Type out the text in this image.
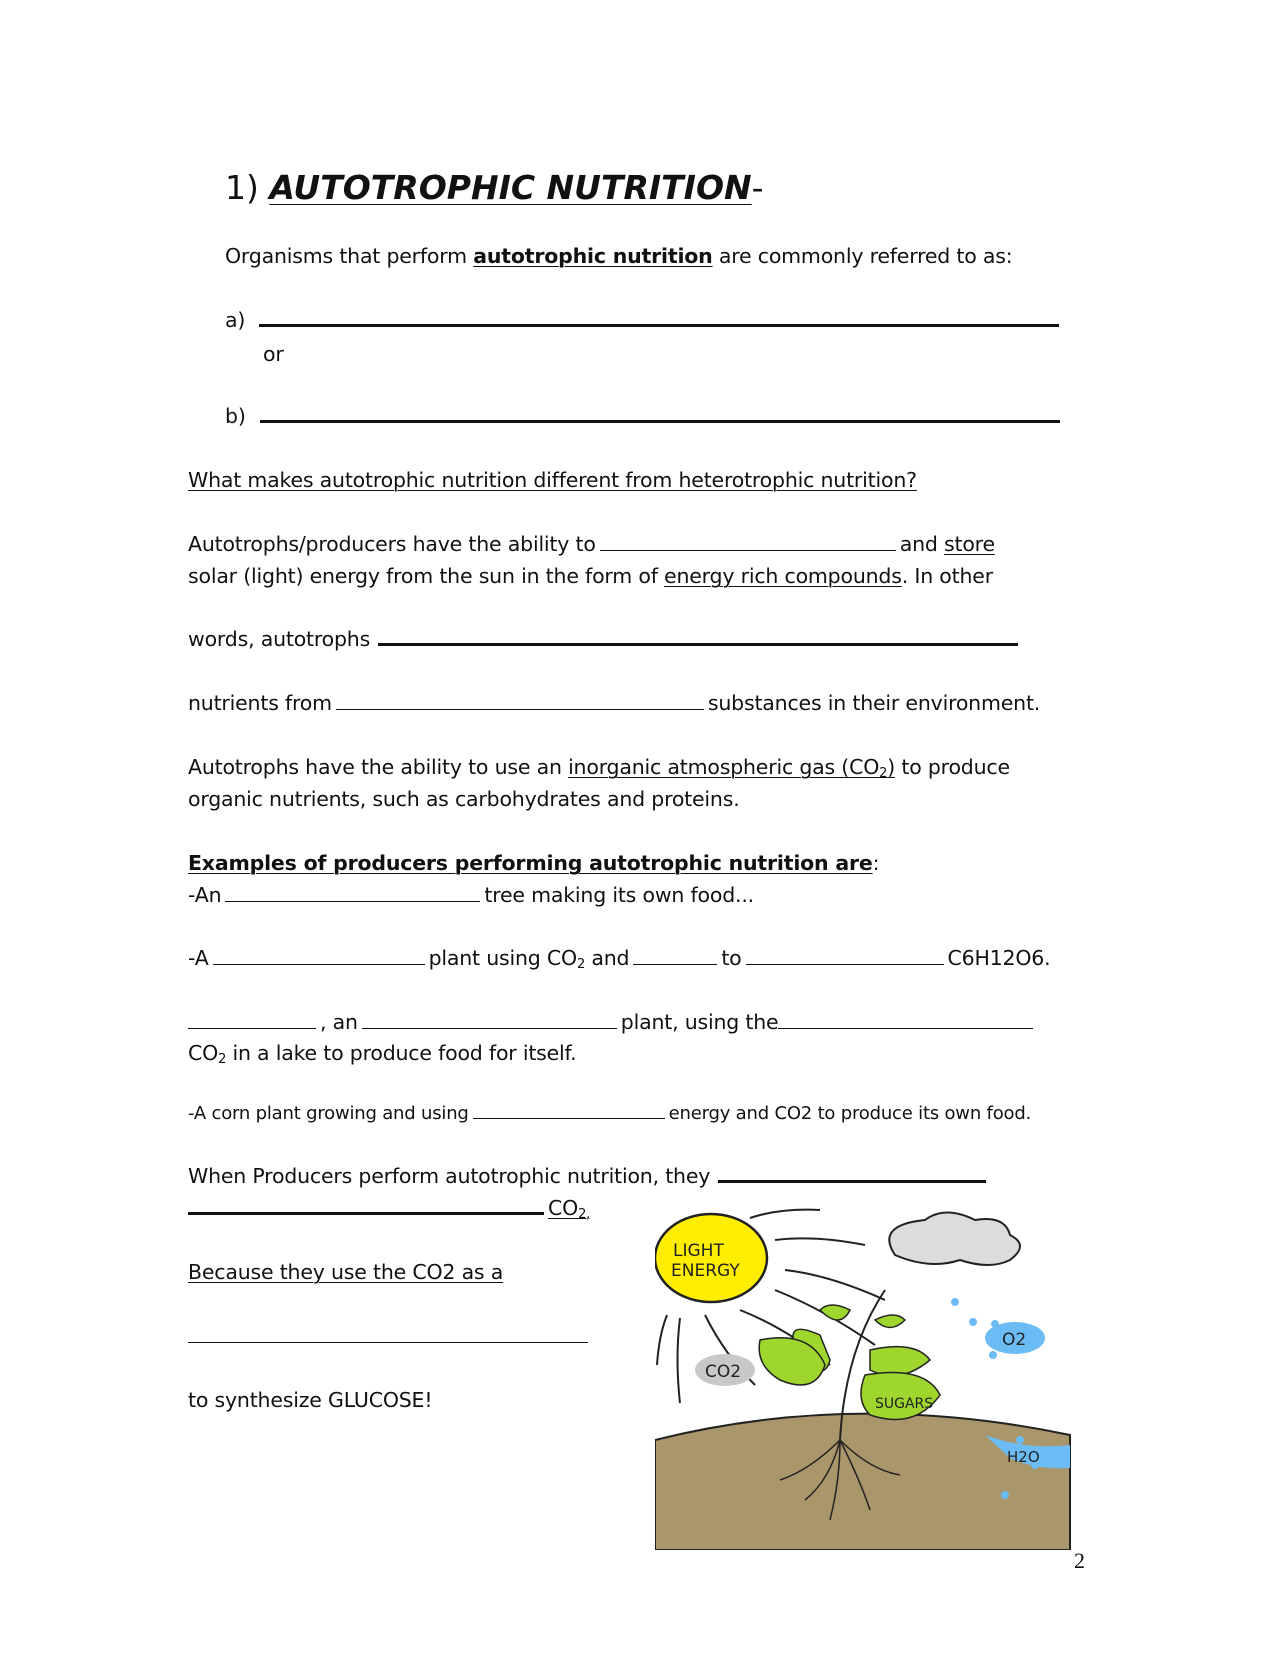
1) AUTOTROPHIC NUTRITION-
Organisms that perform autotrophic nutrition are commonly referred to as:
a)
or
b)
What makes autotrophic nutrition different from heterotrophic nutrition?
Autotrophs/producers have the ability to	and store
solar (light) energy from the sun in the form of energy rich compounds. In other
words, autotrophs
nutrients from	substances in their environment.
Autotrophs have the ability to use an inorganic atmospheric gas $(CO_2)$ to produce
organic nutrients, such as carbohydrates and proteins.
Examples of producers performing autotrophic nutrition are:
-An	tree making its own food...
-A	plant using $CO_2$ and	to	C6H12O6.
, an	plant, using the
$CO_2$ in a lake to produce food for itself.
-A corn plant growing and using	energy and CO2 to produce its own food.
When Producers perform autotrophic nutrition, they
$CO_{2,}$
Because they use the CO2 as a
to synthesize GLUCOSE!
LIGHT
ENERGY
CO2
O2
SUGARS
H2O
2
